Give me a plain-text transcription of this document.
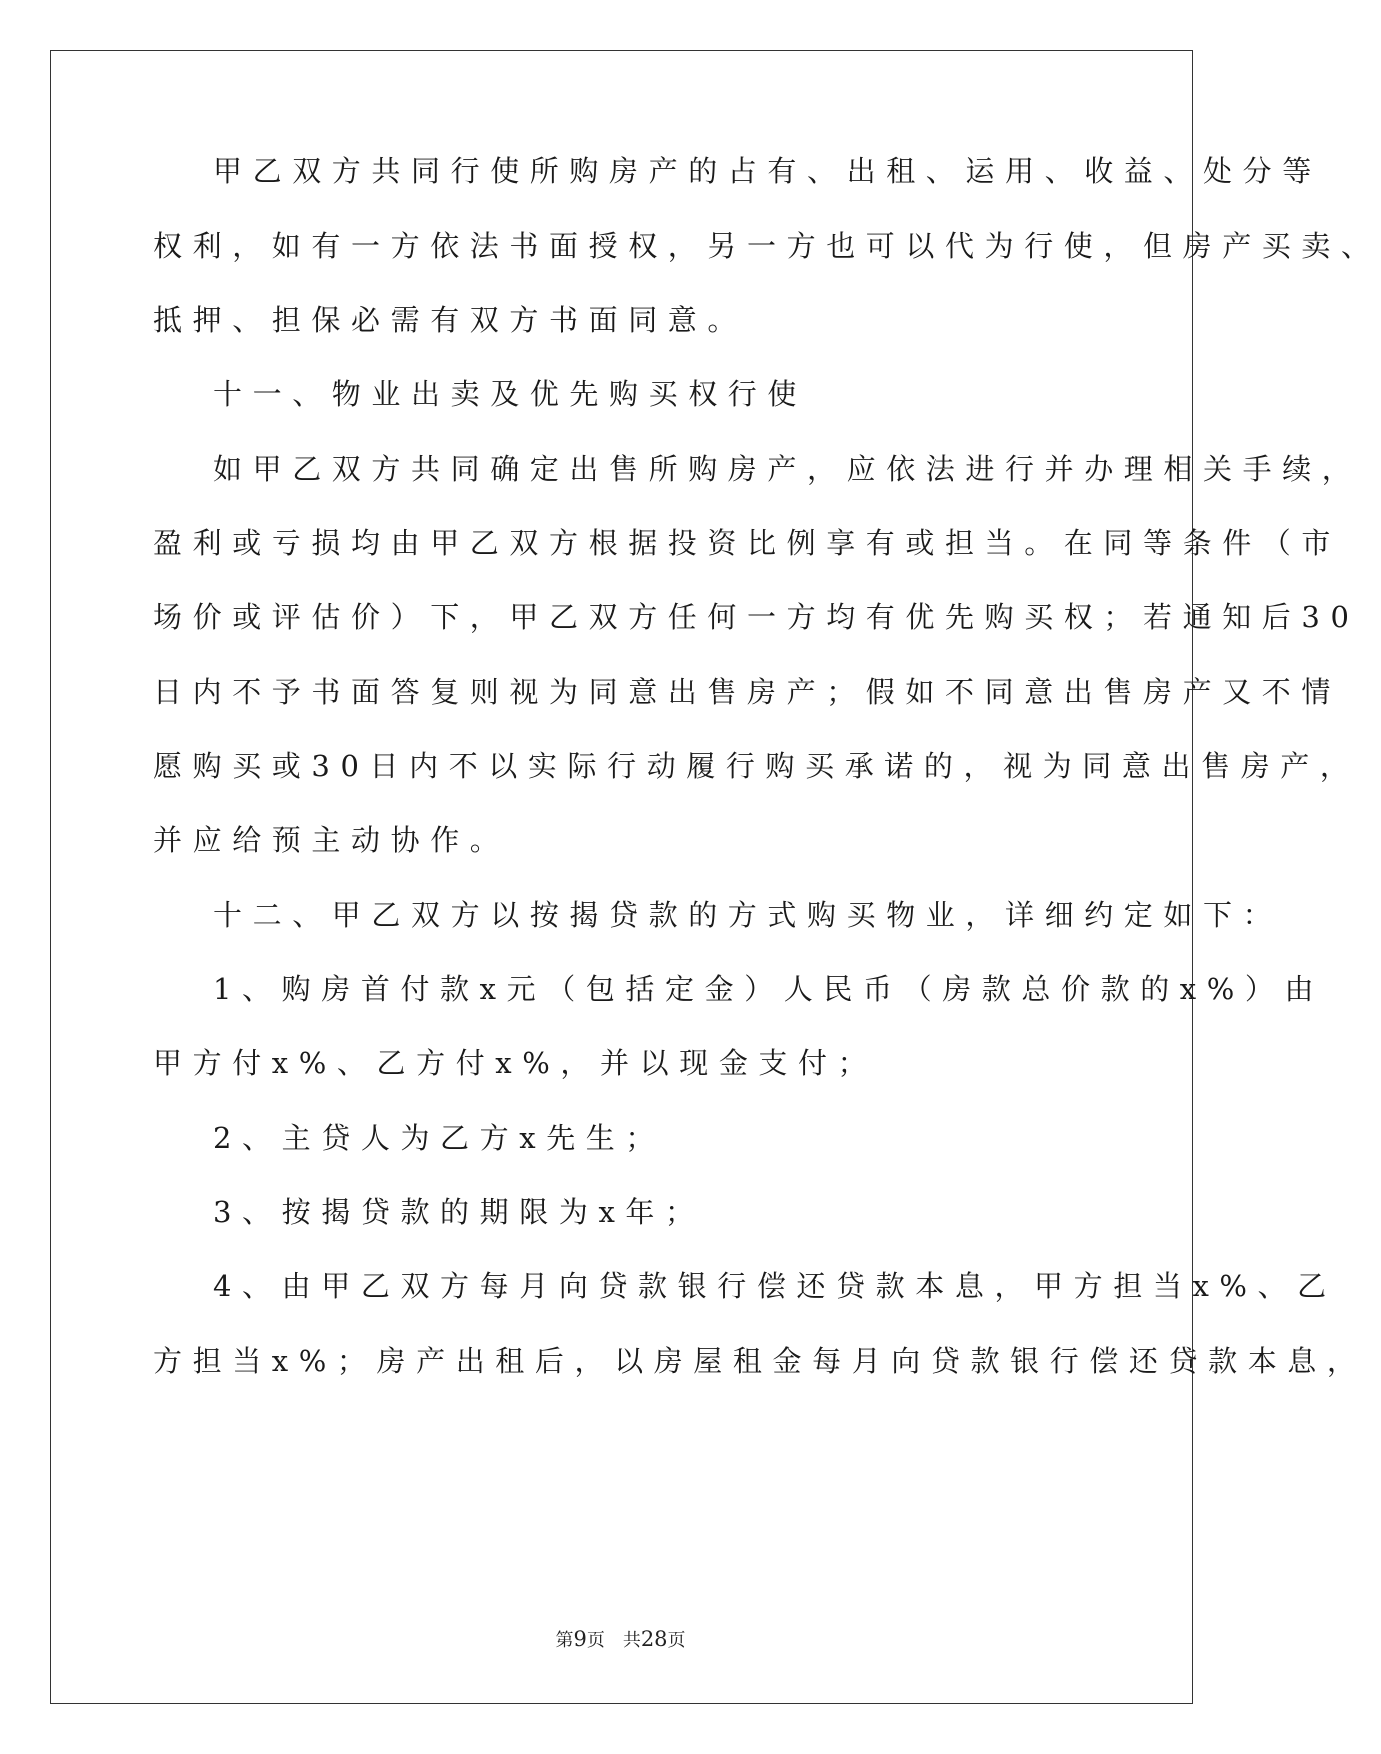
甲乙双方共同行使所购房产的占有、出租、运用、收益、处分等
权利，如有一方依法书面授权，另一方也可以代为行使，但房产买卖、
抵押、担保必需有双方书面同意。
十一、物业出卖及优先购买权行使
如甲乙双方共同确定出售所购房产，应依法进行并办理相关手续，
盈利或亏损均由甲乙双方根据投资比例享有或担当。在同等条件（市
场价或评估价）下，甲乙双方任何一方均有优先购买权；若通知后30
日内不予书面答复则视为同意出售房产；假如不同意出售房产又不情
愿购买或30日内不以实际行动履行购买承诺的，视为同意出售房产，
并应给预主动协作。
十二、甲乙双方以按揭贷款的方式购买物业，详细约定如下：
1、购房首付款x元（包括定金）人民币（房款总价款的x%）由
甲方付x%、乙方付x%，并以现金支付；
2、主贷人为乙方x先生；
3、按揭贷款的期限为x年；
4、由甲乙双方每月向贷款银行偿还贷款本息，甲方担当x%、乙
方担当x%；房产出租后，以房屋租金每月向贷款银行偿还贷款本息，
第9页 共28页
